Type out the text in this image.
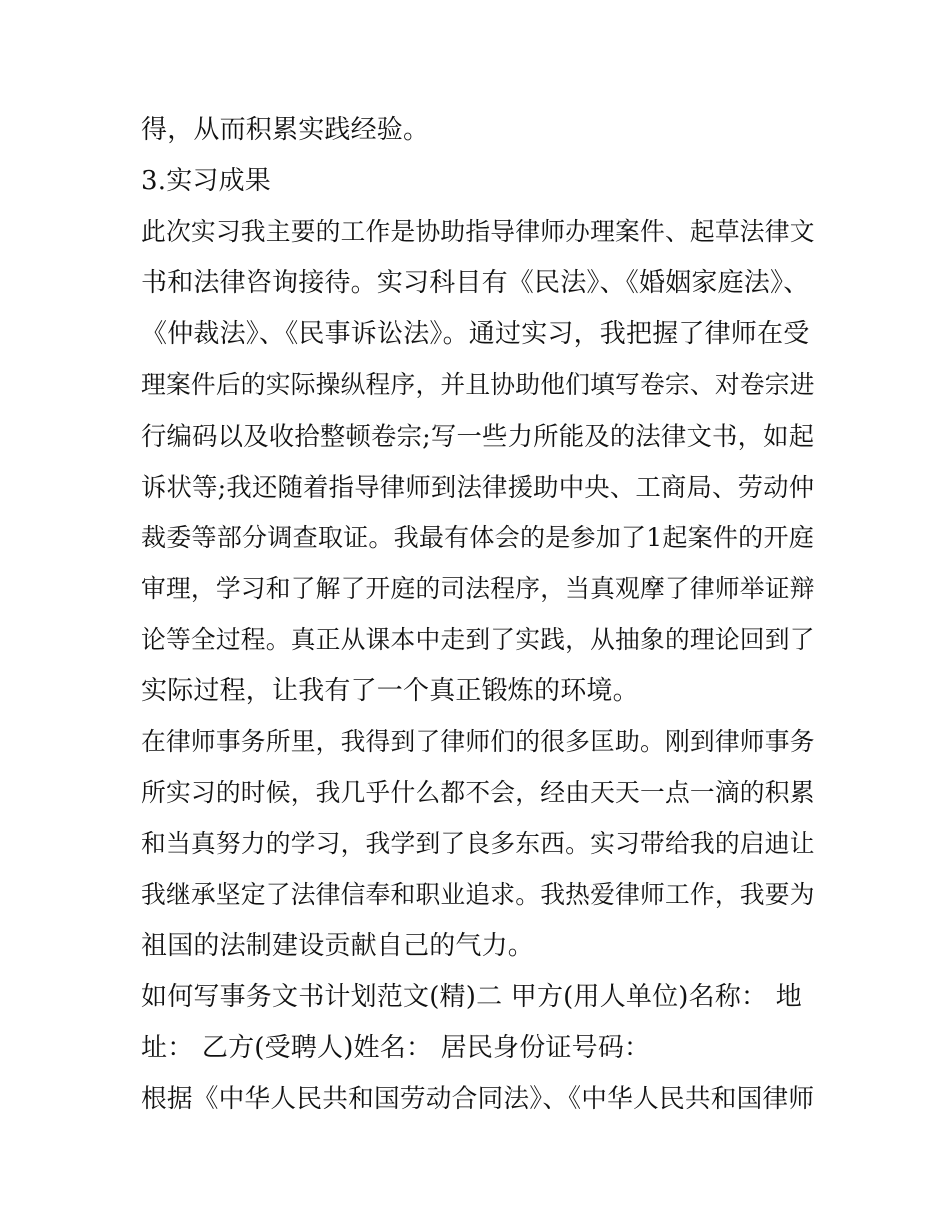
得，从而积累实践经验。
3.实习成果
此次实习我主要的工作是协助指导律师办理案件、起草法律文
书和法律咨询接待。实习科目有《民法》、《婚姻家庭法》、
《仲裁法》、《民事诉讼法》。通过实习，我把握了律师在受
理案件后的实际操纵程序，并且协助他们填写卷宗、对卷宗进
行编码以及收拾整顿卷宗;写一些力所能及的法律文书，如起
诉状等;我还随着指导律师到法律援助中央、工商局、劳动仲
裁委等部分调查取证。我最有体会的是参加了1起案件的开庭
审理，学习和了解了开庭的司法程序，当真观摩了律师举证辩
论等全过程。真正从课本中走到了实践，从抽象的理论回到了
实际过程，让我有了一个真正锻炼的环境。
在律师事务所里，我得到了律师们的很多匡助。刚到律师事务
所实习的时候，我几乎什么都不会，经由天天一点一滴的积累
和当真努力的学习，我学到了良多东西。实习带给我的启迪让
我继承坚定了法律信奉和职业追求。我热爱律师工作，我要为
祖国的法制建设贡献自己的气力。
如何写事务文书计划范文(精)二 甲方(用人单位)名称： 地
址： 乙方(受聘人)姓名： 居民身份证号码：
根据《中华人民共和国劳动合同法》、《中华人民共和国律师
